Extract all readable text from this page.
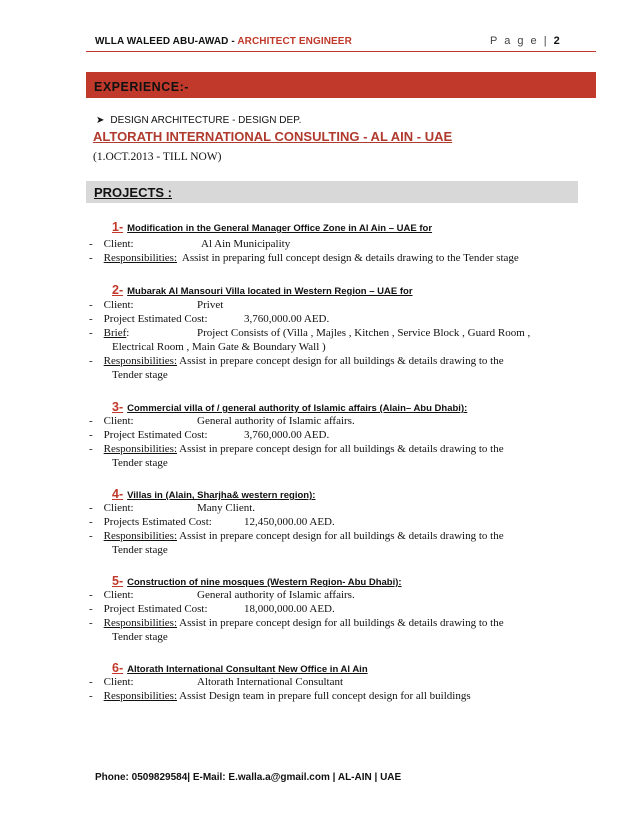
WLLA WALEED ABU-AWAD - ARCHITECT ENGINEER	P a g e | 2
EXPERIENCE:-
➤ DESIGN ARCHITECTURE - DESIGN DEP.
ALTORATH INTERNATIONAL CONSULTING - AL AIN - UAE
(1.OCT.2013 - TILL NOW)
PROJECTS :
1- Modification in the General Manager Office Zone in Al Ain – UAE for
-    Client:	Al Ain Municipality
-    Responsibilities: Assist in preparing full concept design & details drawing to the Tender stage
2- Mubarak Al Mansouri Villa located in Western Region – UAE for
-    Client:	Privet
-    Project Estimated Cost:	3,760,000.00 AED.
-    Brief:	Project Consists of (Villa , Majles , Kitchen , Service Block , Guard Room ,
Electrical Room , Main Gate & Boundary Wall )
-    Responsibilities: Assist in prepare concept design for all buildings & details drawing to the
Tender stage
3- Commercial villa of / general authority of Islamic affairs (Alain– Abu Dhabi):
-    Client:	General authority of Islamic affairs.
-    Project Estimated Cost:	3,760,000.00 AED.
-    Responsibilities: Assist in prepare concept design for all buildings & details drawing to the
Tender stage
4- Villas in (Alain, Sharjha& western region):
-    Client:	Many Client.
-    Projects Estimated Cost:	12,450,000.00 AED.
-    Responsibilities: Assist in prepare concept design for all buildings & details drawing to the
Tender stage
5- Construction of nine mosques (Western Region- Abu Dhabi):
-    Client:	General authority of Islamic affairs.
-    Project Estimated Cost:	18,000,000.00 AED.
-    Responsibilities: Assist in prepare concept design for all buildings & details drawing to the
Tender stage
6- Altorath International Consultant New Office in Al Ain
-    Client:	Altorath International Consultant
-    Responsibilities: Assist Design team in prepare full concept design for all buildings
Phone: 0509829584| E-Mail: E.walla.a@gmail.com | AL-AIN | UAE
